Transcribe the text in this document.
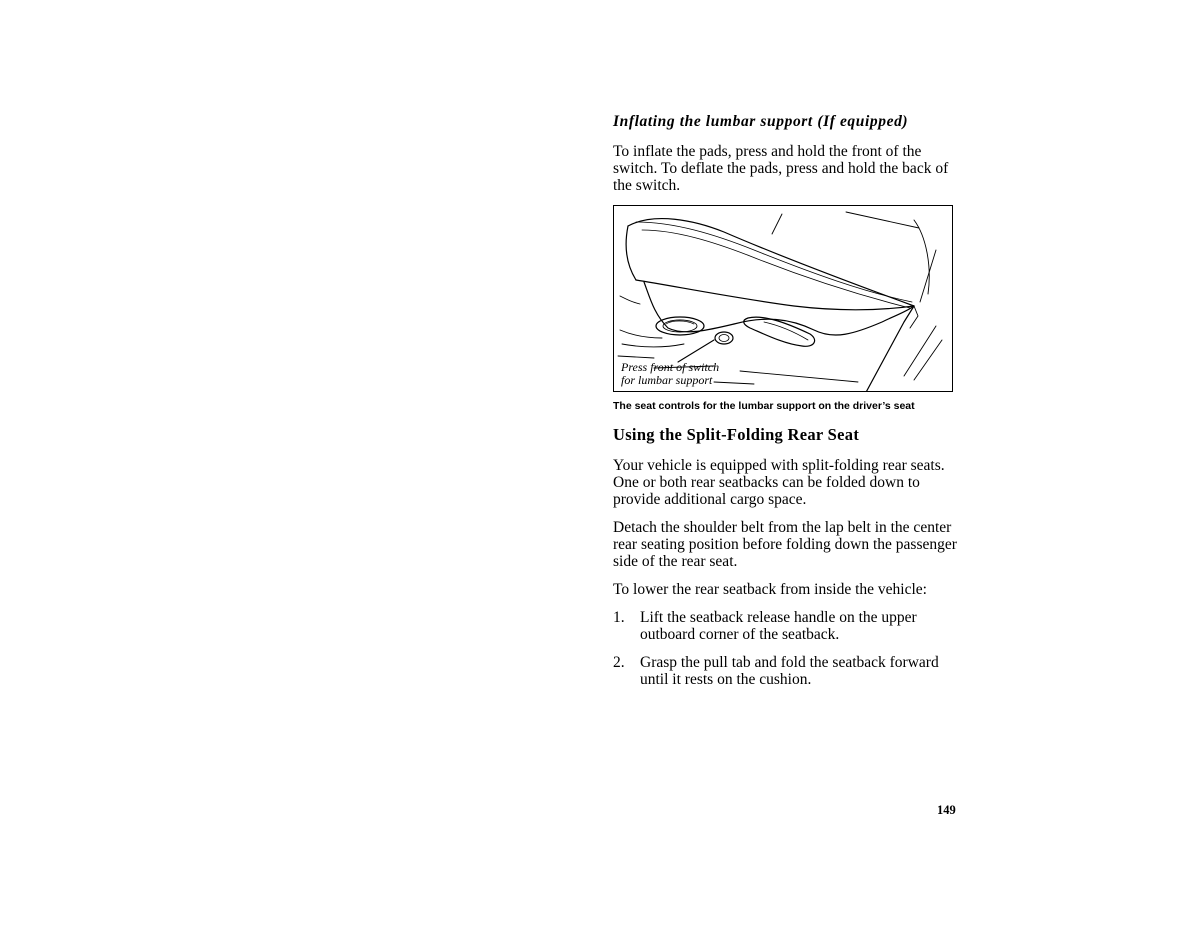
Inflating the lumbar support (If equipped)

To inflate the pads, press and hold the front of the switch. To deflate the pads, press and hold the back of the switch.

Press front of switch
for lumbar support
The seat controls for the lumbar support on the driver’s seat
Using the Split-Folding Rear Seat

Your vehicle is equipped with split-folding rear seats. One or both rear seatbacks can be folded down to provide additional cargo space.

Detach the shoulder belt from the lap belt in the center rear seating position before folding down the passenger side of the rear seat.

To lower the rear seatback from inside the vehicle:

1. Lift the seatback release handle on the upper outboard corner of the seatback.
2. Grasp the pull tab and fold the seatback forward until it rests on the cushion.
149
